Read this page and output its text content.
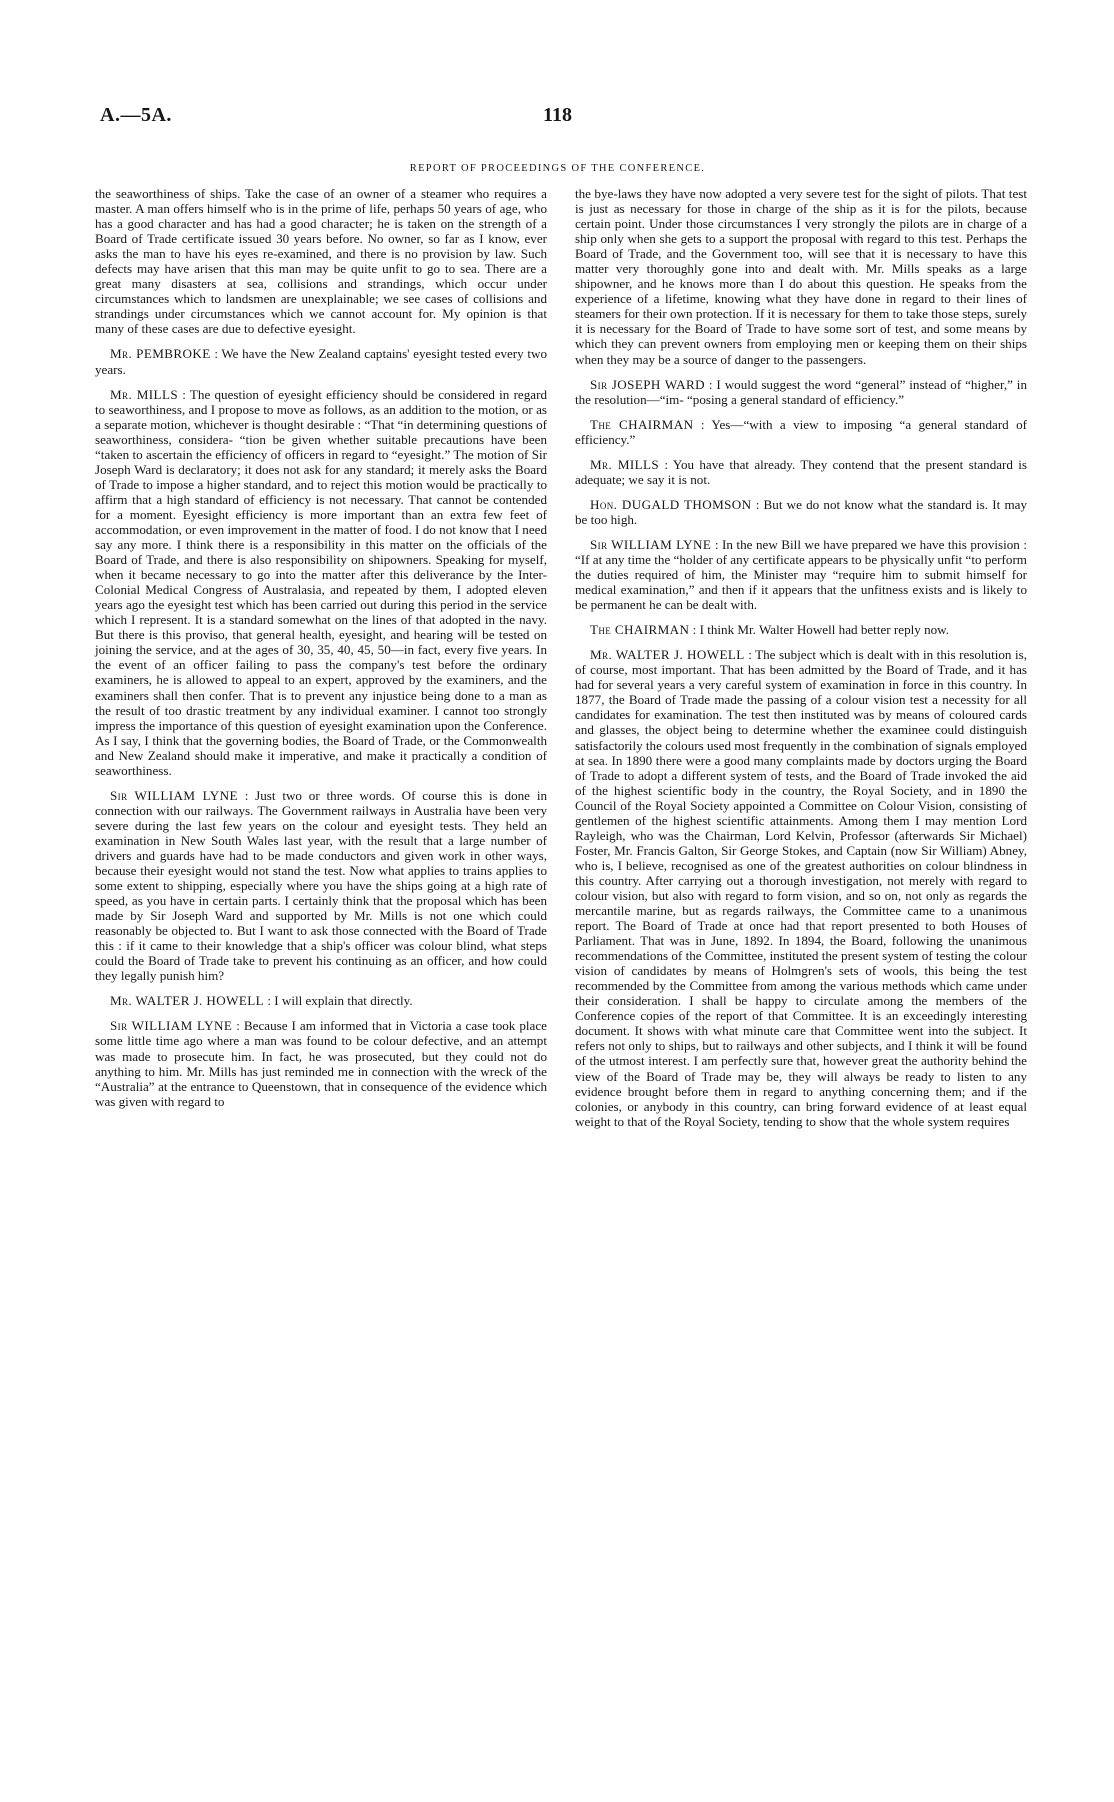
A.—5A.	118
REPORT OF PROCEEDINGS OF THE CONFERENCE.

the seaworthiness of ships. Take the case of an owner of a steamer who requires a master. A man offers himself who is in the prime of life, perhaps 50 years of age, who has a good character and has had a good character; he is taken on the strength of a Board of Trade certificate issued 30 years before. No owner, so far as I know, ever asks the man to have his eyes re-examined, and there is no provision by law. Such defects may have arisen that this man may be quite unfit to go to sea. There are a great many disasters at sea, collisions and strandings, which occur under circumstances which to landsmen are unexplainable; we see cases of collisions and strandings under circumstances which we cannot account for. My opinion is that many of these cases are due to defective eyesight.

Mr. PEMBROKE : We have the New Zealand captains' eyesight tested every two years.

Mr. MILLS : The question of eyesight efficiency should be considered in regard to seaworthiness, and I propose to move as follows, as an addition to the motion, or as a separate motion, whichever is thought desirable : “That “in determining questions of seaworthiness, considera- “tion be given whether suitable precautions have been “taken to ascertain the efficiency of officers in regard to “eyesight.” The motion of Sir Joseph Ward is declaratory; it does not ask for any standard; it merely asks the Board of Trade to impose a higher standard, and to reject this motion would be practically to affirm that a high standard of efficiency is not necessary. That cannot be contended for a moment. Eyesight efficiency is more important than an extra few feet of accommodation, or even improvement in the matter of food. I do not know that I need say any more. I think there is a responsibility in this matter on the officials of the Board of Trade, and there is also responsibility on shipowners. Speaking for myself, when it became necessary to go into the matter after this deliverance by the Inter-Colonial Medical Congress of Australasia, and repeated by them, I adopted eleven years ago the eyesight test which has been carried out during this period in the service which I represent. It is a standard somewhat on the lines of that adopted in the navy. But there is this proviso, that general health, eyesight, and hearing will be tested on joining the service, and at the ages of 30, 35, 40, 45, 50—in fact, every five years. In the event of an officer failing to pass the company's test before the ordinary examiners, he is allowed to appeal to an expert, approved by the examiners, and the examiners shall then confer. That is to prevent any injustice being done to a man as the result of too drastic treatment by any individual examiner. I cannot too strongly impress the importance of this question of eyesight examination upon the Conference. As I say, I think that the governing bodies, the Board of Trade, or the Commonwealth and New Zealand should make it imperative, and make it practically a condition of seaworthiness.

Sir WILLIAM LYNE : Just two or three words. Of course this is done in connection with our railways. The Government railways in Australia have been very severe during the last few years on the colour and eyesight tests. They held an examination in New South Wales last year, with the result that a large number of drivers and guards have had to be made conductors and given work in other ways, because their eyesight would not stand the test. Now what applies to trains applies to some extent to shipping, especially where you have the ships going at a high rate of speed, as you have in certain parts. I certainly think that the proposal which has been made by Sir Joseph Ward and supported by Mr. Mills is not one which could reasonably be objected to. But I want to ask those connected with the Board of Trade this : if it came to their knowledge that a ship's officer was colour blind, what steps could the Board of Trade take to prevent his continuing as an officer, and how could they legally punish him?

Mr. WALTER J. HOWELL : I will explain that directly.

Sir WILLIAM LYNE : Because I am informed that in Victoria a case took place some little time ago where a man was found to be colour defective, and an attempt was made to prosecute him. In fact, he was prosecuted, but they could not do anything to him. Mr. Mills has just reminded me in connection with the wreck of the “Australia” at the entrance to Queenstown, that in consequence of the evidence which was given with regard to

the bye-laws they have now adopted a very severe test for the sight of pilots. That test is just as necessary for those in charge of the ship as it is for the pilots, because certain point. Under those circumstances I very strongly the pilots are in charge of a ship only when she gets to a support the proposal with regard to this test. Perhaps the Board of Trade, and the Government too, will see that it is necessary to have this matter very thoroughly gone into and dealt with. Mr. Mills speaks as a large shipowner, and he knows more than I do about this question. He speaks from the experience of a lifetime, knowing what they have done in regard to their lines of steamers for their own protection. If it is necessary for them to take those steps, surely it is necessary for the Board of Trade to have some sort of test, and some means by which they can prevent owners from employing men or keeping them on their ships when they may be a source of danger to the passengers.

Sir JOSEPH WARD : I would suggest the word “general” instead of “higher,” in the resolution—“im- “posing a general standard of efficiency.”

The CHAIRMAN : Yes—“with a view to imposing “a general standard of efficiency.”

Mr. MILLS : You have that already. They contend that the present standard is adequate; we say it is not.

Hon. DUGALD THOMSON : But we do not know what the standard is. It may be too high.

Sir WILLIAM LYNE : In the new Bill we have prepared we have this provision : “If at any time the “holder of any certificate appears to be physically unfit “to perform the duties required of him, the Minister may “require him to submit himself for medical examination,” and then if it appears that the unfitness exists and is likely to be permanent he can be dealt with.

The CHAIRMAN : I think Mr. Walter Howell had better reply now.

Mr. WALTER J. HOWELL : The subject which is dealt with in this resolution is, of course, most important. That has been admitted by the Board of Trade, and it has had for several years a very careful system of examination in force in this country. In 1877, the Board of Trade made the passing of a colour vision test a necessity for all candidates for examination. The test then instituted was by means of coloured cards and glasses, the object being to determine whether the examinee could distinguish satisfactorily the colours used most frequently in the combination of signals employed at sea. In 1890 there were a good many complaints made by doctors urging the Board of Trade to adopt a different system of tests, and the Board of Trade invoked the aid of the highest scientific body in the country, the Royal Society, and in 1890 the Council of the Royal Society appointed a Committee on Colour Vision, consisting of gentlemen of the highest scientific attainments. Among them I may mention Lord Rayleigh, who was the Chairman, Lord Kelvin, Professor (afterwards Sir Michael) Foster, Mr. Francis Galton, Sir George Stokes, and Captain (now Sir William) Abney, who is, I believe, recognised as one of the greatest authorities on colour blindness in this country. After carrying out a thorough investigation, not merely with regard to colour vision, but also with regard to form vision, and so on, not only as regards the mercantile marine, but as regards railways, the Committee came to a unanimous report. The Board of Trade at once had that report presented to both Houses of Parliament. That was in June, 1892. In 1894, the Board, following the unanimous recommendations of the Committee, instituted the present system of testing the colour vision of candidates by means of Holmgren's sets of wools, this being the test recommended by the Committee from among the various methods which came under their consideration. I shall be happy to circulate among the members of the Conference copies of the report of that Committee. It is an exceedingly interesting document. It shows with what minute care that Committee went into the subject. It refers not only to ships, but to railways and other subjects, and I think it will be found of the utmost interest. I am perfectly sure that, however great the authority behind the view of the Board of Trade may be, they will always be ready to listen to any evidence brought before them in regard to anything concerning them; and if the colonies, or anybody in this country, can bring forward evidence of at least equal weight to that of the Royal Society, tending to show that the whole system requires
